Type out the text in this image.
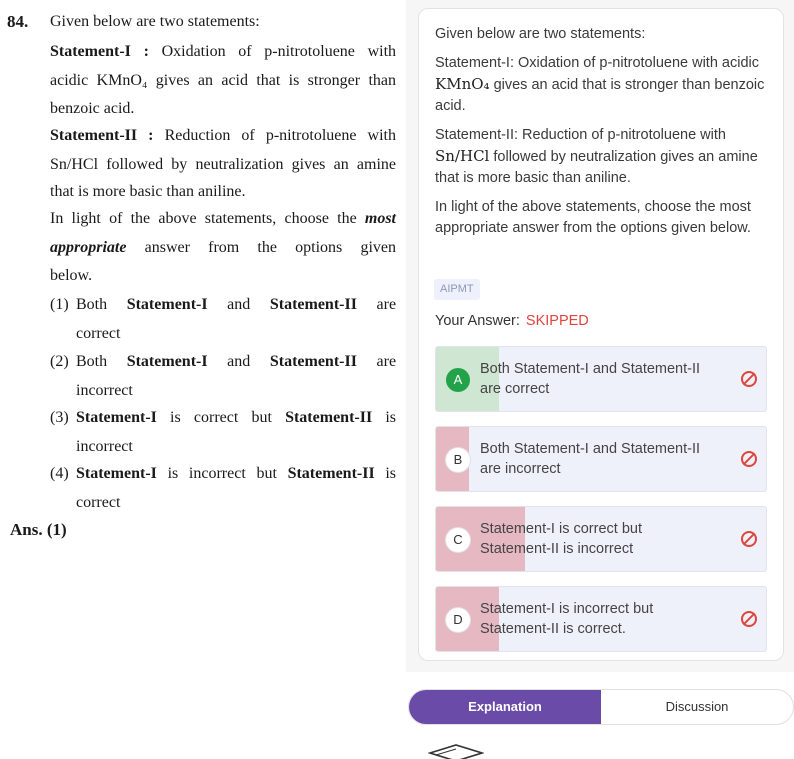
84. Given below are two statements:
Statement-I : Oxidation of p-nitrotoluene with
acidic KMnO₄ gives an acid that is stronger than
benzoic acid.
Statement-II : Reduction of p-nitrotoluene with
Sn/HCl followed by neutralization gives an amine
that is more basic than aniline.
In light of the above statements, choose the most
appropriate answer from the options given
below.
(1) Both Statement-I and Statement-II are
correct
(2) Both Statement-I and Statement-II are
incorrect
(3) Statement-I is correct but Statement-II is
incorrect
(4) Statement-I is incorrect but Statement-II is
correct
Ans. (1)
Given below are two statements:
Statement-I: Oxidation of p-nitrotoluene with acidic KMnO₄ gives an acid that is stronger than benzoic acid.
Statement-II: Reduction of p-nitrotoluene with Sn/HCl followed by neutralization gives an amine that is more basic than aniline.
In light of the above statements, choose the most appropriate answer from the options given below.
AIPMT
Your Answer: SKIPPED
A
Both Statement-I and Statement-II are correct
B
Both Statement-I and Statement-II are incorrect
C
Statement-I is correct but Statement-II is incorrect
D
Statement-I is incorrect but Statement-II is correct.
Explanation	Discussion
